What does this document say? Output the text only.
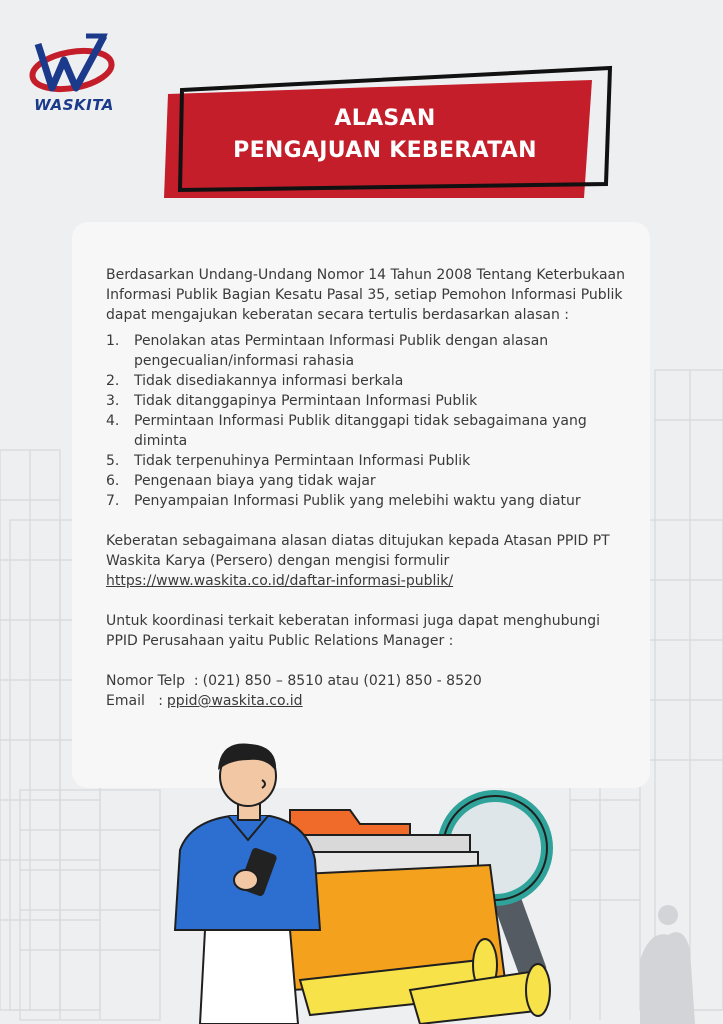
WASKITA
ALASAN
PENGAJUAN KEBERATAN

Berdasarkan Undang-Undang Nomor 14 Tahun 2008 Tentang Keterbukaan Informasi Publik Bagian Kesatu Pasal 35, setiap Pemohon Informasi Publik dapat mengajukan keberatan secara tertulis berdasarkan alasan :

1. Penolakan atas Permintaan Informasi Publik dengan alasan pengecualian/informasi rahasia
2. Tidak disediakannya informasi berkala
3. Tidak ditanggapinya Permintaan Informasi Publik
4. Permintaan Informasi Publik ditanggapi tidak sebagaimana yang diminta
5. Tidak terpenuhinya Permintaan Informasi Publik
6. Pengenaan biaya yang tidak wajar
7. Penyampaian Informasi Publik yang melebihi waktu yang diatur

Keberatan sebagaimana alasan diatas ditujukan kepada Atasan PPID PT Waskita Karya (Persero) dengan mengisi formulir
https://www.waskita.co.id/daftar-informasi-publik/

Untuk koordinasi terkait keberatan informasi juga dapat menghubungi PPID Perusahaan yaitu Public Relations Manager :

Nomor Telp  : (021) 850 – 8510 atau (021) 850 - 8520
Email   : ppid@waskita.co.id
